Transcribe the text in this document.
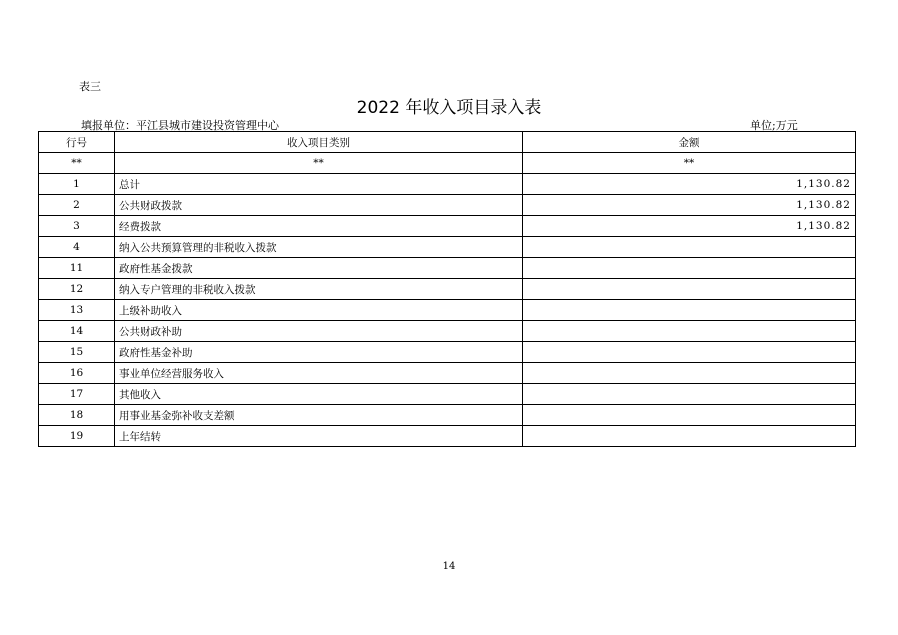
表三
2022 年收入项目录入表
填报单位：平江县城市建设投资管理中心	单位;万元
行号	收入项目类别	金额
**	**	**
1	总计	1,130.82
2	公共财政拨款	1,130.82
3	经费拨款	1,130.82
4	纳入公共预算管理的非税收入拨款	
11	政府性基金拨款	
12	纳入专户管理的非税收入拨款	
13	上级补助收入	
14	公共财政补助	
15	政府性基金补助	
16	事业单位经营服务收入	
17	其他收入	
18	用事业基金弥补收支差额	
19	上年结转	
14
